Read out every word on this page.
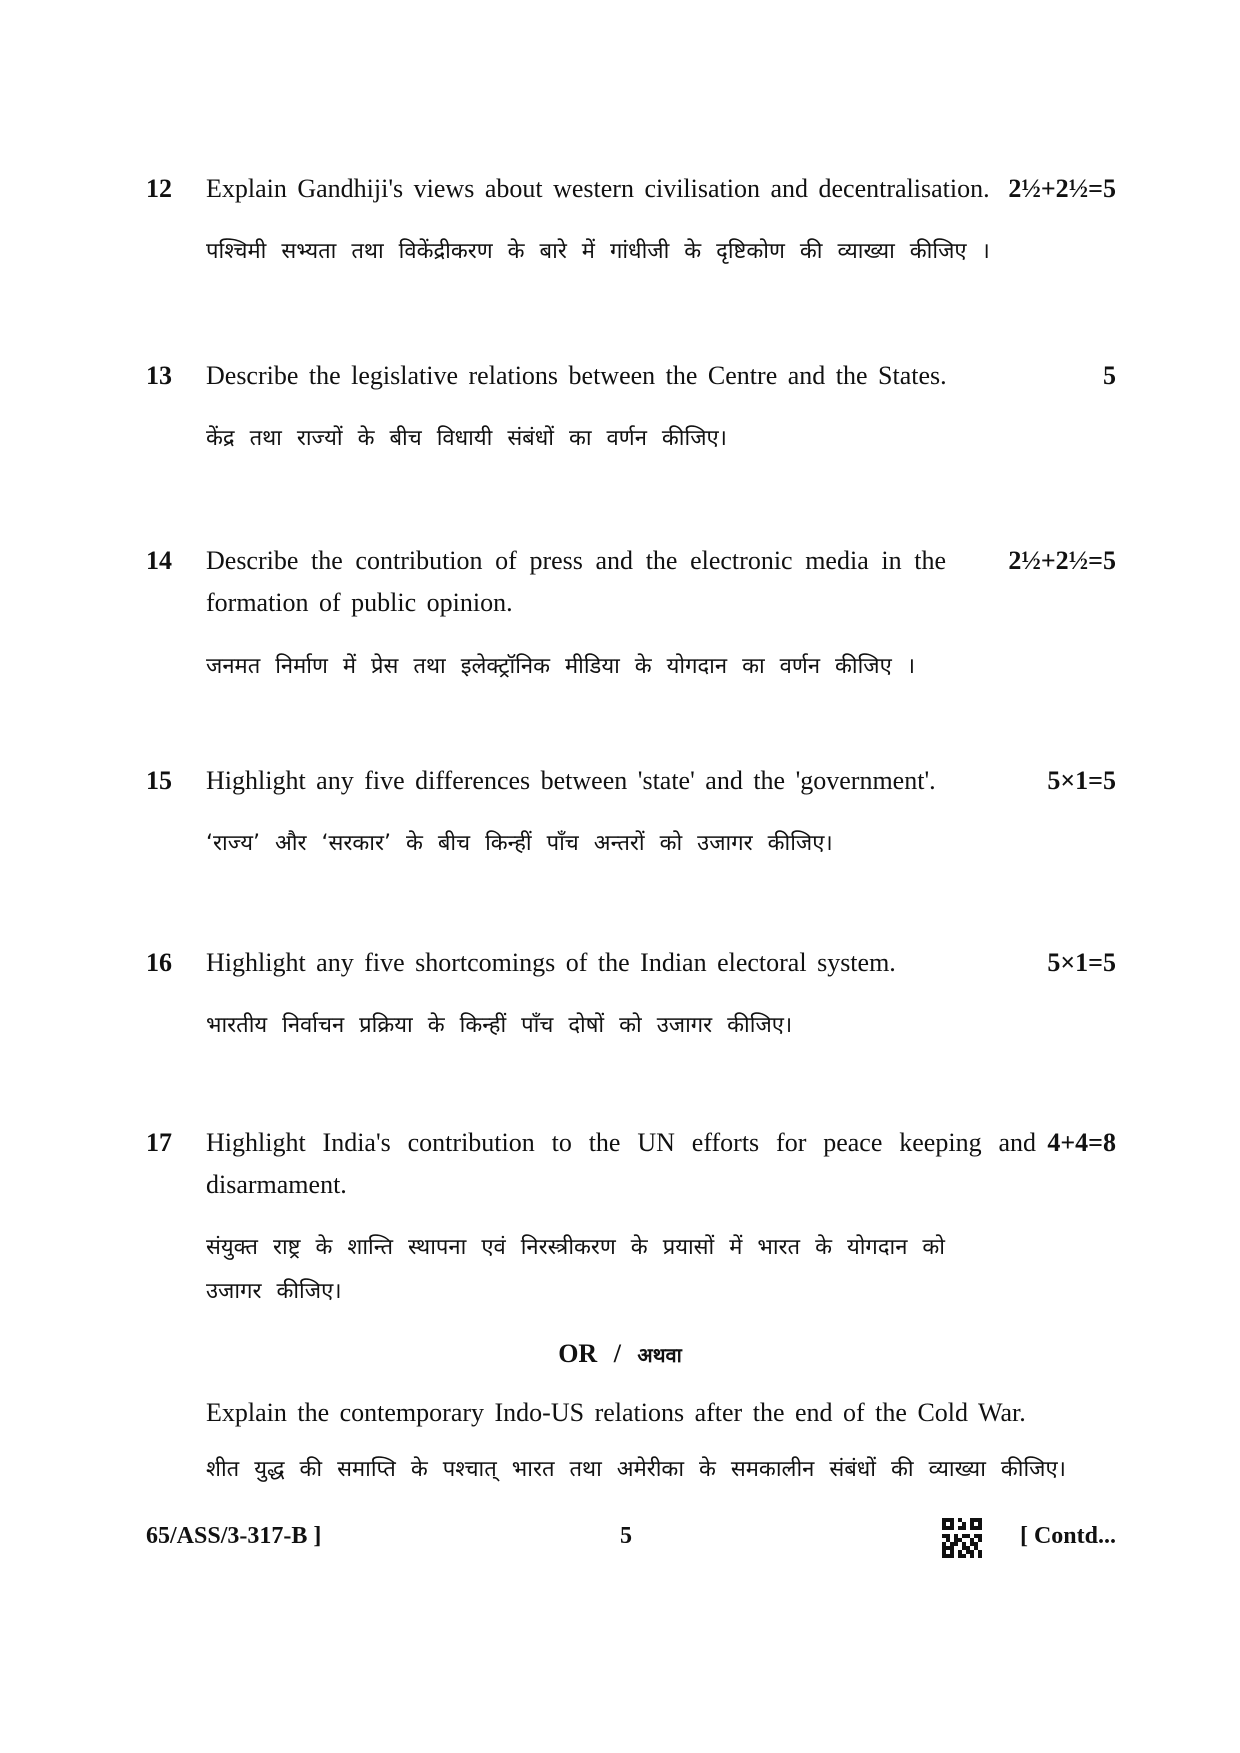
12 Explain Gandhiji's views about western civilisation and decentralisation. 2½+2½=5
पश्चिमी सभ्यता तथा विकेंद्रीकरण के बारे में गांधीजी के दृष्टिकोण की व्याख्या कीजिए ।
13 Describe the legislative relations between the Centre and the States.	5
केंद्र तथा राज्यों के बीच विधायी संबंधों का वर्णन कीजिए।
14 Describe the contribution of press and the electronic media in the formation of public opinion.
2½+2½=5
जनमत निर्माण में प्रेस तथा इलेक्ट्रॉनिक मीडिया के योगदान का वर्णन कीजिए ।
15 Highlight any five differences between 'state' and the 'government'.	5×1=5
‘राज्य’ और ‘सरकार’ के बीच किन्हीं पाँच अन्तरों को उजागर कीजिए।
16 Highlight any five shortcomings of the Indian electoral system.	5×1=5
भारतीय निर्वाचन प्रक्रिया के किन्हीं पाँच दोषों को उजागर कीजिए।
17 Highlight India's contribution to the UN efforts for peace keeping and disarmament.
4+4=8
संयुक्त राष्ट्र के शान्ति स्थापना एवं निरस्त्रीकरण के प्रयासों में भारत के योगदान को उजागर कीजिए।
OR / अथवा
Explain the contemporary Indo-US relations after the end of the Cold War.
शीत युद्ध की समाप्ति के पश्चात् भारत तथा अमेरीका के समकालीन संबंधों की व्याख्या कीजिए।
65/ASS/3-317-B ]	5	[ Contd...
